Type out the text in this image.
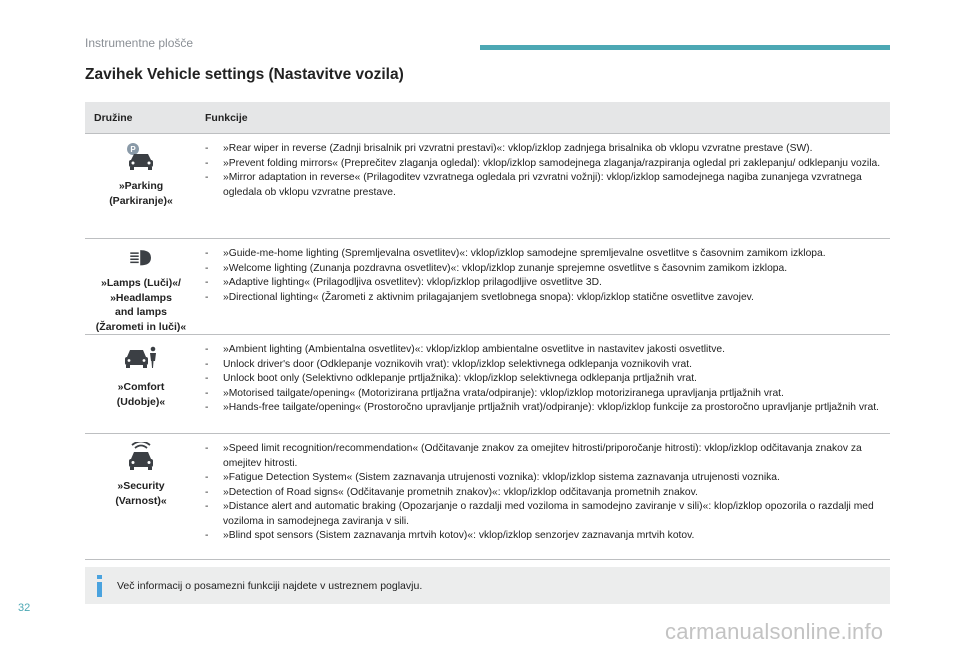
Instrumentne plošče
Zavihek Vehicle settings (Nastavitve vozila)
Družine	Funkcije
P
»Parking
(Parkiranje)«
-	»Rear wiper in reverse (Zadnji brisalnik pri vzvratni prestavi)«: vklop/izklop zadnjega brisalnika ob vklopu vzvratne prestave (SW).
-	»Prevent folding mirrors« (Preprečitev zlaganja ogledal): vklop/izklop samodejnega zlaganja/razpiranja ogledal pri zaklepanju/ odklepanju vozila.
-	»Mirror adaptation in reverse« (Prilagoditev vzvratnega ogledala pri vzvratni vožnji): vklop/izklop samodejnega nagiba zunanjega vzvratnega ogledala ob vklopu vzvratne prestave.
»Lamps (Luči)«/
»Headlamps
and lamps
(Žarometi in luči)«
-	»Guide-me-home lighting (Spremljevalna osvetlitev)«: vklop/izklop samodejne spremljevalne osvetlitve s časovnim zamikom izklopa.
-	»Welcome lighting (Zunanja pozdravna osvetlitev)«: vklop/izklop zunanje sprejemne osvetlitve s časovnim zamikom izklopa.
-	»Adaptive lighting« (Prilagodljiva osvetlitev): vklop/izklop prilagodljive osvetlitve 3D.
-	»Directional lighting« (Žarometi z aktivnim prilagajanjem svetlobnega snopa): vklop/izklop statične osvetlitve zavojev.
»Comfort
(Udobje)«
-	»Ambient lighting (Ambientalna osvetlitev)«: vklop/izklop ambientalne osvetlitve in nastavitev jakosti osvetlitve.
-	Unlock driver's door (Odklepanje voznikovih vrat): vklop/izklop selektivnega odklepanja voznikovih vrat.
-	Unlock boot only (Selektivno odklepanje prtljažnika): vklop/izklop selektivnega odklepanja prtljažnih vrat.
-	»Motorised tailgate/opening« (Motorizirana prtljažna vrata/odpiranje): vklop/izklop motoriziranega upravljanja prtljažnih vrat.
-	»Hands-free tailgate/opening« (Prostoročno upravljanje prtljažnih vrat)/odpiranje): vklop/izklop funkcije za prostoročno upravljanje prtljažnih vrat.
»Security
(Varnost)«
-	»Speed limit recognition/recommendation« (Odčitavanje znakov za omejitev hitrosti/priporočanje hitrosti): vklop/izklop odčitavanja znakov za omejitev hitrosti.
-	»Fatigue Detection System« (Sistem zaznavanja utrujenosti voznika): vklop/izklop sistema zaznavanja utrujenosti voznika.
-	»Detection of Road signs« (Odčitavanje prometnih znakov)«: vklop/izklop odčitavanja prometnih znakov.
-	»Distance alert and automatic braking (Opozarjanje o razdalji med voziloma in samodejno zaviranje v sili)«: klop/izklop opozorila o razdalji med voziloma in samodejnega zaviranja v sili.
-	»Blind spot sensors (Sistem zaznavanja mrtvih kotov)«: vklop/izklop senzorjev zaznavanja mrtvih kotov.
Več informacij o posamezni funkciji najdete v ustreznem poglavju.
32
carmanualsonline.info
